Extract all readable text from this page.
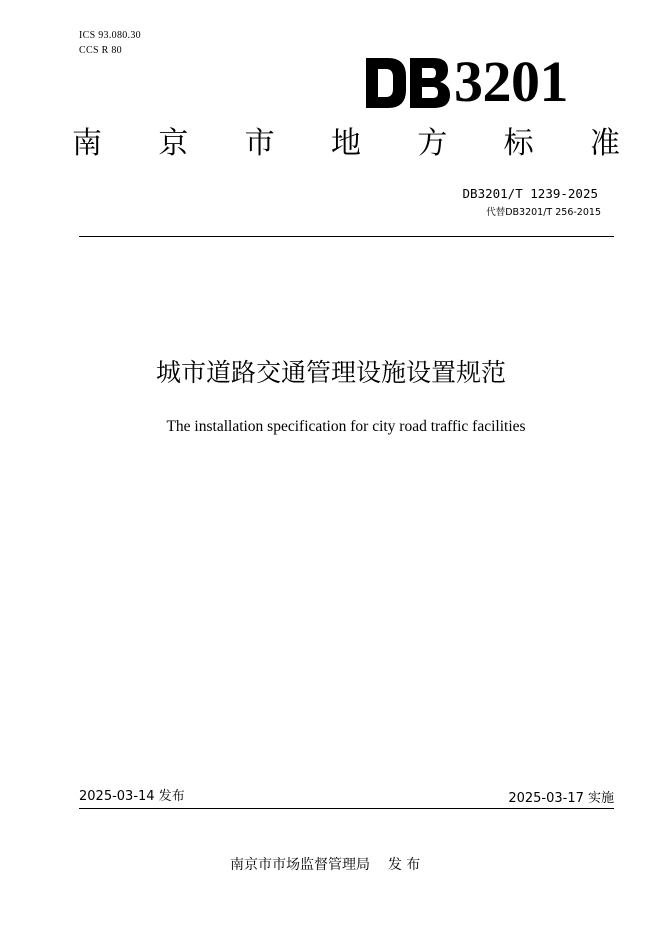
ICS 93.080.30
CCS R 80	3201
南 京 市 地 方 标 准
DB3201/T 1239-2025
代替DB3201/T 256-2015
城市道路交通管理设施设置规范
The installation specification for city road traffic facilities
2025-03-14 发布	2025-03-17 实施
南京市市场监督管理局 发 布
